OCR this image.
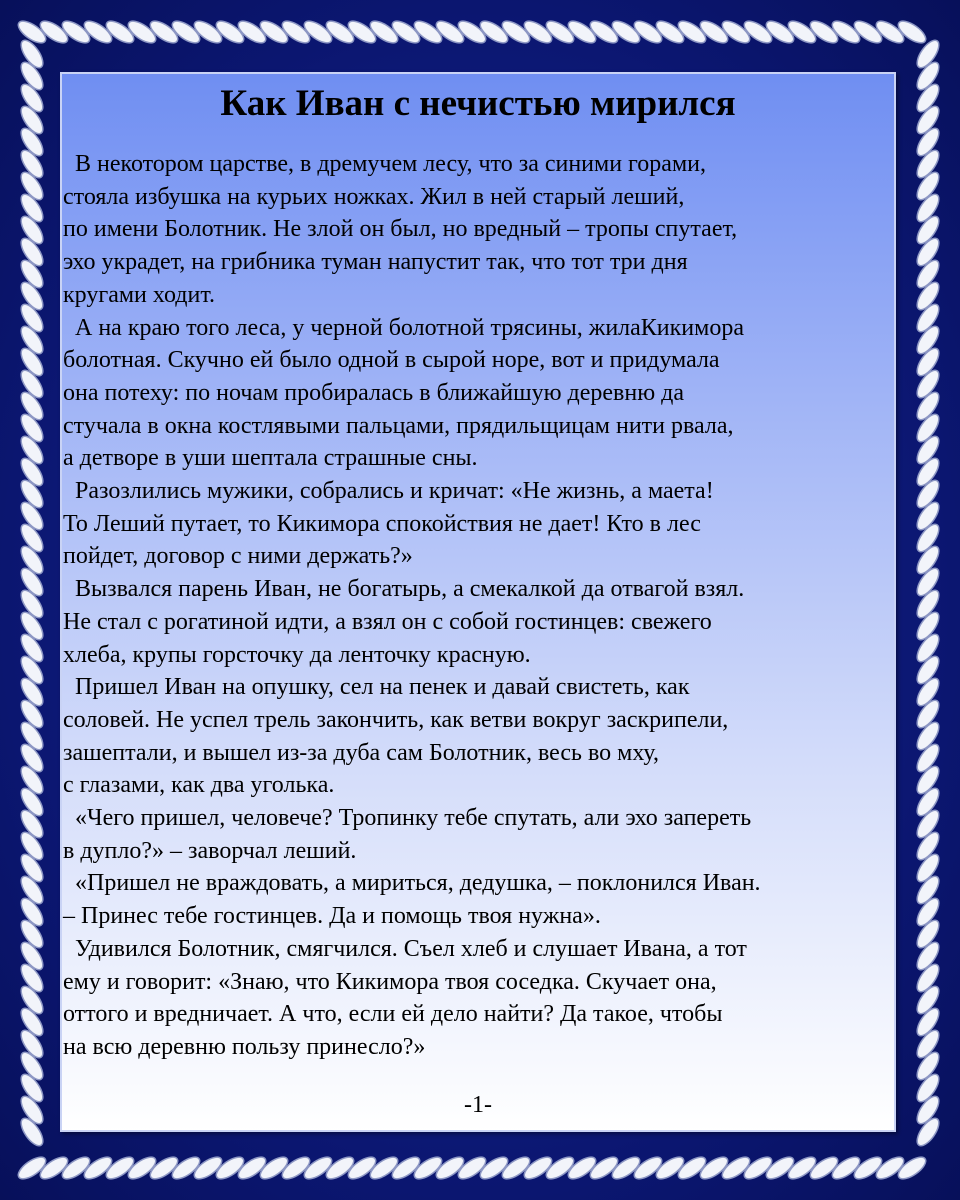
Как Иван с нечистью мирился
В некотором царстве, в дремучем лесу, что за синими горами,
стояла избушка на курьих ножках. Жил в ней старый леший,
по имени Болотник. Не злой он был, но вредный – тропы спутает,
эхо украдет, на грибника туман напустит так, что тот три дня
кругами ходит.
А на краю того леса, у черной болотной трясины, жилаКикимора
болотная. Скучно ей было одной в сырой норе, вот и придумала
она потеху: по ночам пробиралась в ближайшую деревню да
стучала в окна костлявыми пальцами, прядильщицам нити рвала,
а детворе в уши шептала страшные сны.
Разозлились мужики, собрались и кричат: «Не жизнь, а маета!
То Леший путает, то Кикимора спокойствия не дает! Кто в лес
пойдет, договор с ними держать?»
Вызвался парень Иван, не богатырь, а смекалкой да отвагой взял.
Не стал с рогатиной идти, а взял он с собой гостинцев: свежего
хлеба, крупы горсточку да ленточку красную.
Пришел Иван на опушку, сел на пенек и давай свистеть, как
соловей. Не успел трель закончить, как ветви вокруг заскрипели,
зашептали, и вышел из-за дуба сам Болотник, весь во мху,
с глазами, как два уголька.
«Чего пришел, человече? Тропинку тебе спутать, али эхо запереть
в дупло?» – заворчал леший.
«Пришел не враждовать, а мириться, дедушка, – поклонился Иван.
– Принес тебе гостинцев. Да и помощь твоя нужна».
Удивился Болотник, смягчился. Съел хлеб и слушает Ивана, а тот
ему и говорит: «Знаю, что Кикимора твоя соседка. Скучает она,
оттого и вредничает. А что, если ей дело найти? Да такое, чтобы
на всю деревню пользу принесло?»
-1-
